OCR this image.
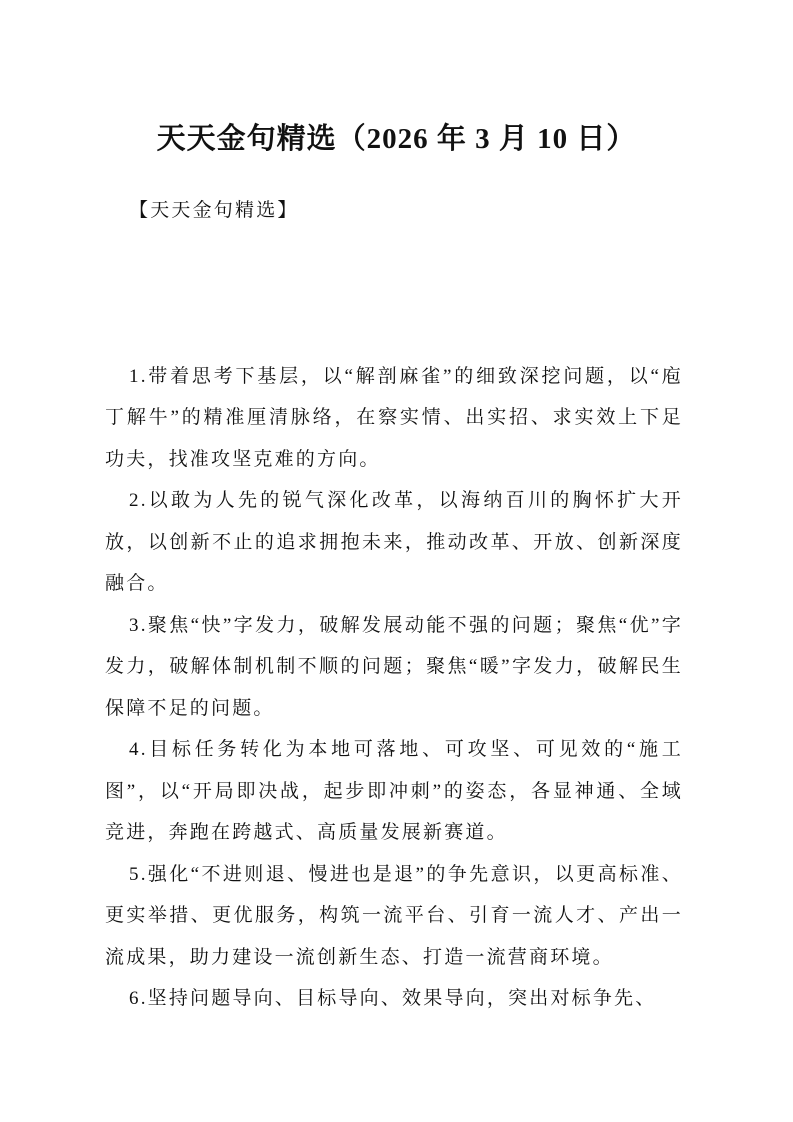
天天金句精选（2026 年 3 月 10 日）
【天天金句精选】

1.带着思考下基层，以“解剖麻雀”的细致深挖问题，以“庖丁解牛”的精准厘清脉络，在察实情、出实招、求实效上下足功夫，找准攻坚克难的方向。

2.以敢为人先的锐气深化改革，以海纳百川的胸怀扩大开放，以创新不止的追求拥抱未来，推动改革、开放、创新深度融合。

3.聚焦“快”字发力，破解发展动能不强的问题；聚焦“优”字发力，破解体制机制不顺的问题；聚焦“暖”字发力，破解民生保障不足的问题。

4.目标任务转化为本地可落地、可攻坚、可见效的“施工图”，以“开局即决战，起步即冲刺”的姿态，各显神通、全域竞进，奔跑在跨越式、高质量发展新赛道。

5.强化“不进则退、慢进也是退”的争先意识，以更高标准、更实举措、更优服务，构筑一流平台、引育一流人才、产出一流成果，助力建设一流创新生态、打造一流营商环境。

6.坚持问题导向、目标导向、效果导向，突出对标争先、
